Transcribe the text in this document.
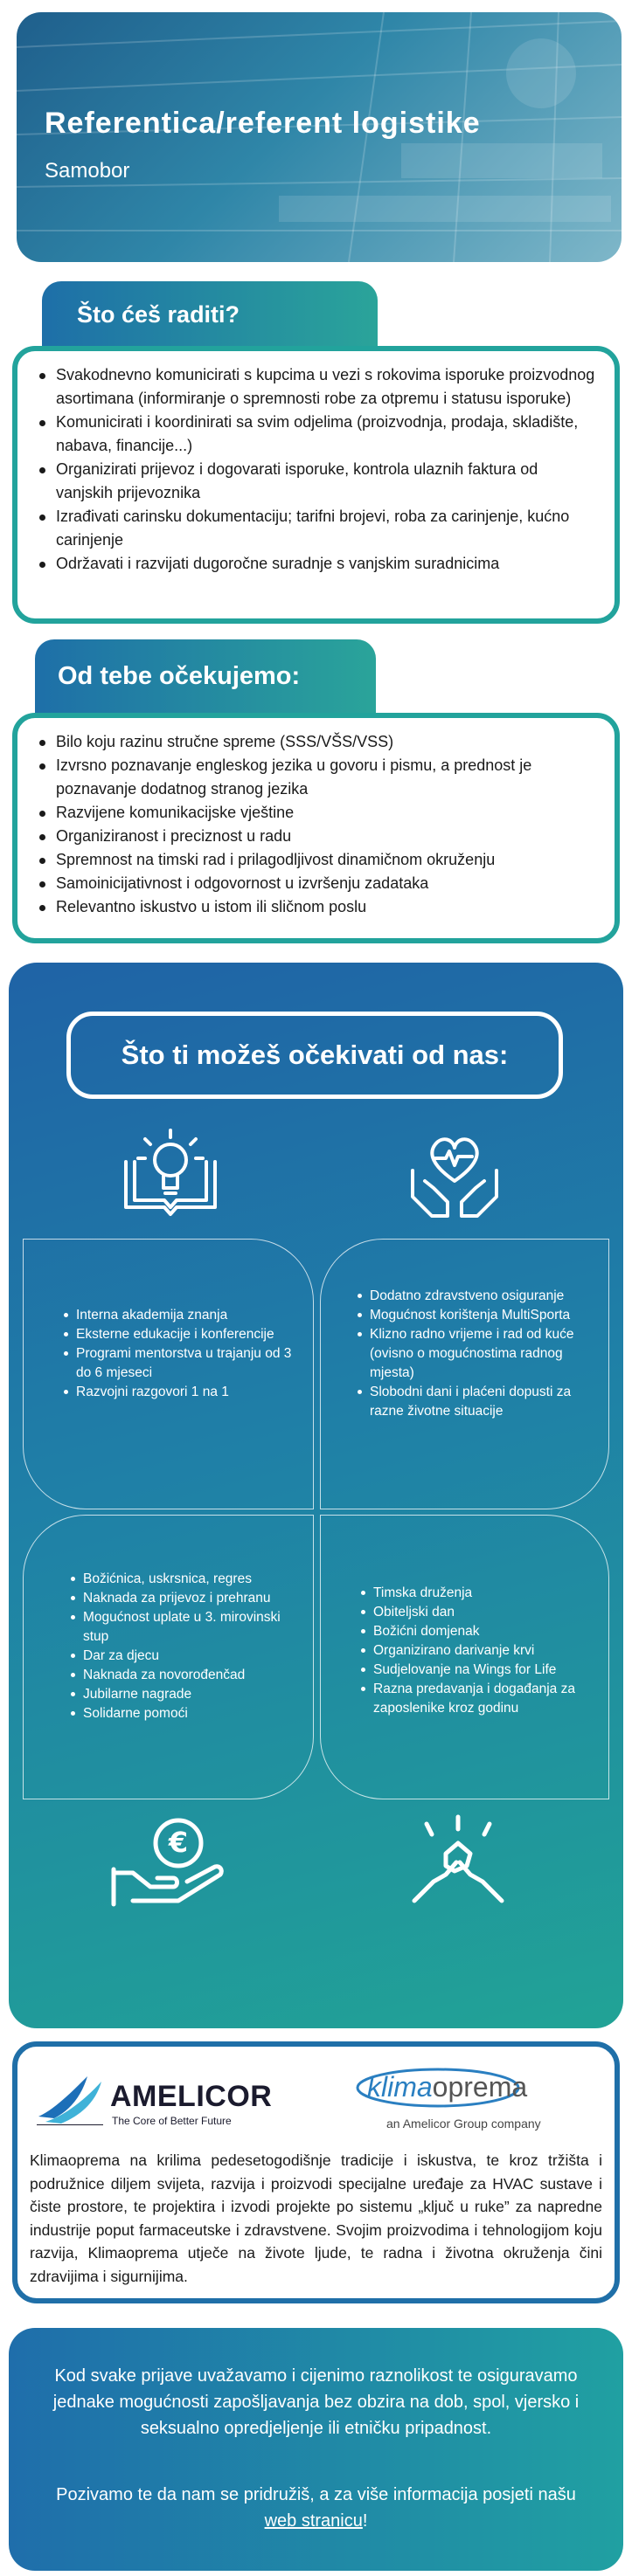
Referentica/referent logistike
Samobor
Što ćeš raditi?
Svakodnevno komunicirati s kupcima u vezi s rokovima isporuke proizvodnog asortimana (informiranje o spremnosti robe za otpremu i statusu isporuke)
Komunicirati i koordinirati sa svim odjelima (proizvodnja, prodaja, skladište, nabava, financije...)
Organizirati prijevoz i dogovarati isporuke, kontrola ulaznih faktura od vanjskih prijevoznika
Izrađivati carinsku dokumentaciju; tarifni brojevi, roba za carinjenje, kućno carinjenje
Održavati i razvijati dugoročne suradnje s vanjskim suradnicima
Od tebe očekujemo:
Bilo koju razinu stručne spreme (SSS/VŠS/VSS)
Izvrsno poznavanje engleskog jezika u govoru i pismu, a prednost je poznavanje dodatnog stranog jezika
Razvijene komunikacijske vještine
Organiziranost i preciznost u radu
Spremnost na timski rad i prilagodljivost dinamičnom okruženju
Samoinicijativnost i odgovornost u izvršenju zadataka
Relevantno iskustvo u istom ili sličnom poslu
Što ti možeš očekivati od nas:
Interna akademija znanja
Eksterne edukacije i konferencije
Programi mentorstva u trajanju od 3 do 6 mjeseci
Razvojni razgovori 1 na 1
Dodatno zdravstveno osiguranje
Mogućnost korištenja MultiSporta
Klizno radno vrijeme i rad od kuće (ovisno o mogućnostima radnog mjesta)
Slobodni dani i plaćeni dopusti za razne životne situacije
Božićnica, uskrsnica, regres
Naknada za prijevoz i prehranu
Mogućnost uplate u 3. mirovinski stup
Dar za djecu
Naknada za novorođenčad
Jubilarne nagrade
Solidarne pomoći
Timska druženja
Obiteljski dan
Božićni domjenak
Organizirano darivanje krvi
Sudjelovanje na Wings for Life
Razna predavanja i događanja za zaposlenike kroz godinu
€
AMELICOR
The Core of Better Future
klimaoprema
an Amelicor Group company

Klimaoprema na krilima pedesetogodišnje tradicije i iskustva, te kroz tržišta i podružnice diljem svijeta, razvija i proizvodi specijalne uređaje za HVAC sustave i čiste prostore, te projektira i izvodi projekte po sistemu „ključ u ruke” za napredne industrije poput farmaceutske i zdravstvene. Svojim proizvodima i tehnologijom koju razvija, Klimaoprema utječe na živote ljude, te radna i životna okruženja čini zdravijima i sigurnijima.

Kod svake prijave uvažavamo i cijenimo raznolikost te osiguravamo jednake mogućnosti zapošljavanja bez obzira na dob, spol, vjersko i seksualno opredjeljenje ili etničku pripadnost.

Pozivamo te da nam se pridružiš, a za više informacija posjeti našu web stranicu!
